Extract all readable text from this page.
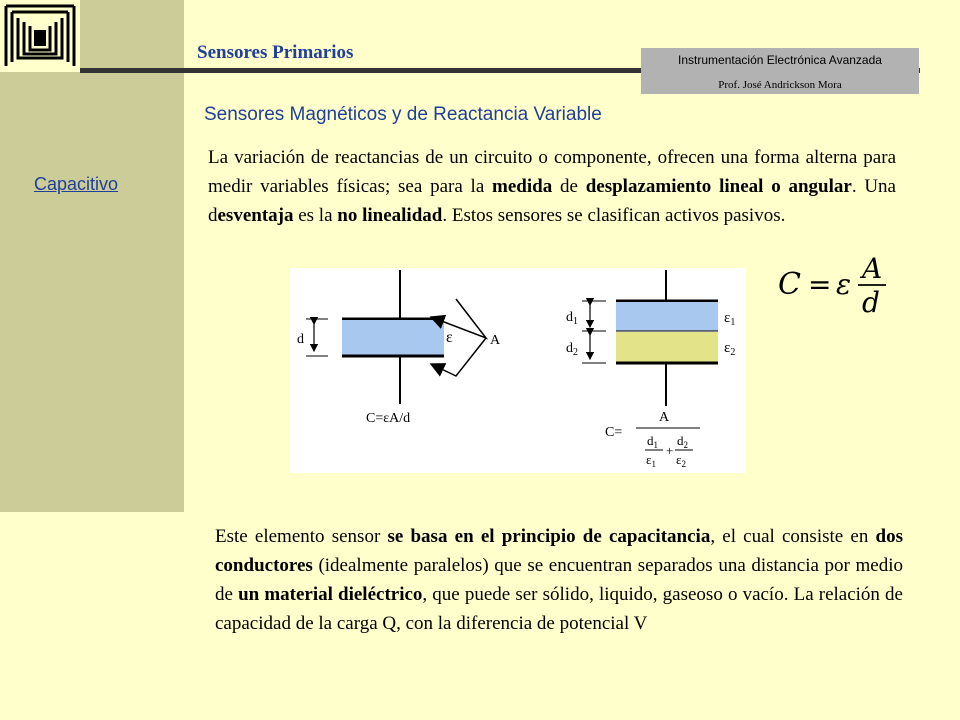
Sensores Primarios	Instrumentación Electrónica Avanzada
Prof. José Andrickson Mora
Sensores Magnéticos y de Reactancia Variable
Capacitivo

La variación de reactancias de un circuito o componente, ofrecen una forma alterna para medir variables físicas; sea para la medida de desplazamiento lineal o angular. Una desventaja es la no linealidad. Estos sensores se clasifican activos pasivos.

d	ε	A
C=εA/d
$d_1$
$d_2$
$\varepsilon_1$
$\varepsilon_2$
C=
A
$d_1$
$\varepsilon_1$
+
$d_2$
$\varepsilon_2$
C = ε A
d

Este elemento sensor se basa en el principio de capacitancia, el cual consiste en dos conductores (idealmente paralelos) que se encuentran separados una distancia por medio de un material dieléctrico, que puede ser sólido, liquido, gaseoso o vacío. La relación de capacidad de la carga Q, con la diferencia de potencial V
